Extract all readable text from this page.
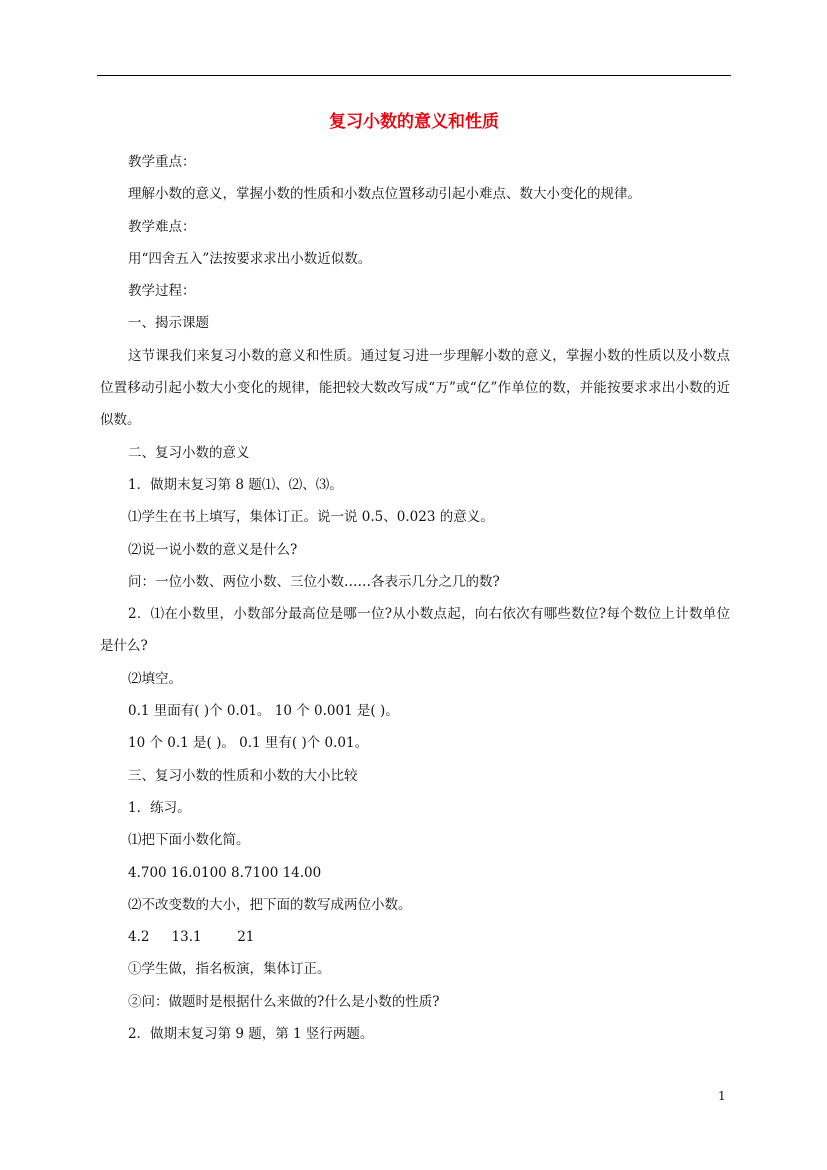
复习小数的意义和性质

教学重点：

理解小数的意义，掌握小数的性质和小数点位置移动引起小难点、数大小变化的规律。

教学难点：

用“四舍五入”法按要求求出小数近似数。

教学过程：

一、揭示课题

这节课我们来复习小数的意义和性质。通过复习进一步理解小数的意义，掌握小数的性质以及小数点位置移动引起小数大小变化的规律，能把较大数改写成“万”或“亿”作单位的数，并能按要求求出小数的近似数。

二、复习小数的意义

1．做期末复习第 8 题⑴、⑵、⑶。

⑴学生在书上填写，集体订正。说一说 0.5、0.023 的意义。

⑵说一说小数的意义是什么?

问：一位小数、两位小数、三位小数……各表示几分之几的数?

2．⑴在小数里，小数部分最高位是哪一位?从小数点起，向右依次有哪些数位?每个数位上计数单位是什么?

⑵填空。

0.1 里面有( )个 0.01。 10 个 0.001 是( )。

10 个 0.1 是( )。 0.1 里有( )个 0.01。

三、复习小数的性质和小数的大小比较

1．练习。

⑴把下面小数化简。

4.700 16.0100 8.7100 14.00

⑵不改变数的大小，把下面的数写成两位小数。

4.2 　 13.1 　　 21

①学生做，指名板演，集体订正。

②问：做题时是根据什么来做的?什么是小数的性质?

2．做期末复习第 9 题，第 1 竖行两题。

1
